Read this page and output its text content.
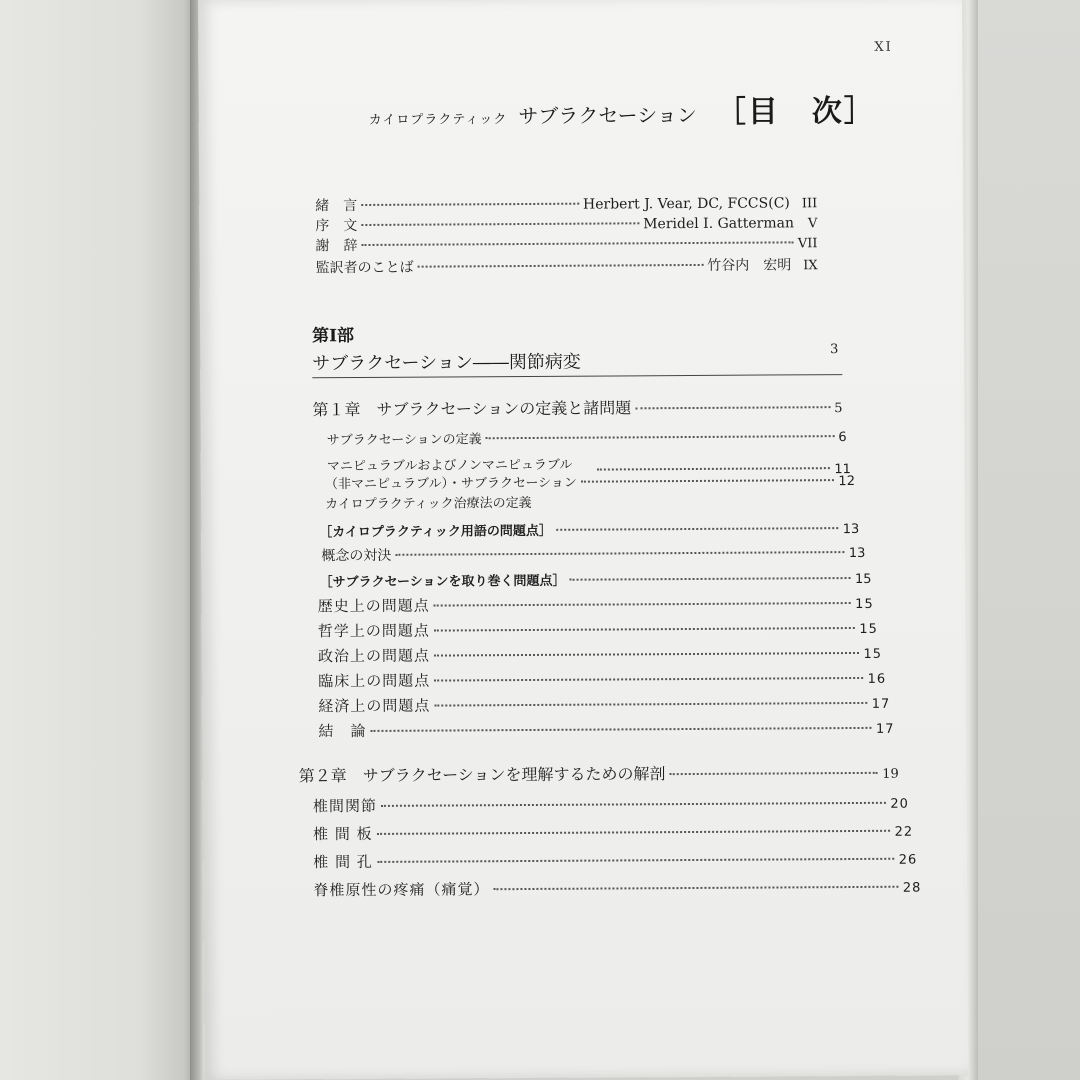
XI
カイロプラクティック サブラクセーション ［目　次］
緒　言	Herbert J. Vear, DC, FCCS(C) III
序　文	Meridel I. Gatterman V
謝　辞	VII
監訳者のことば	竹谷内　宏明 IX
第Ⅰ部
サブラクセーション――関節病変
3
第１章　サブラクセーションの定義と諸問題	5
サブラクセーションの定義	6
マニピュラブルおよびノンマニピュラブル	11
（非マニピュラブル）・サブラクセーション	12
カイロプラクティック治療法の定義
［カイロプラクティック用語の問題点］	13
概念の対決	13
［サブラクセーションを取り巻く問題点］	15
歴史上の問題点	15
哲学上の問題点	15
政治上の問題点	15
臨床上の問題点	16
経済上の問題点	17
結　論	17
第２章　サブラクセーションを理解するための解剖	19
椎間関節	20
椎 間 板	22
椎 間 孔	26
脊椎原性の疼痛（痛覚）	28
